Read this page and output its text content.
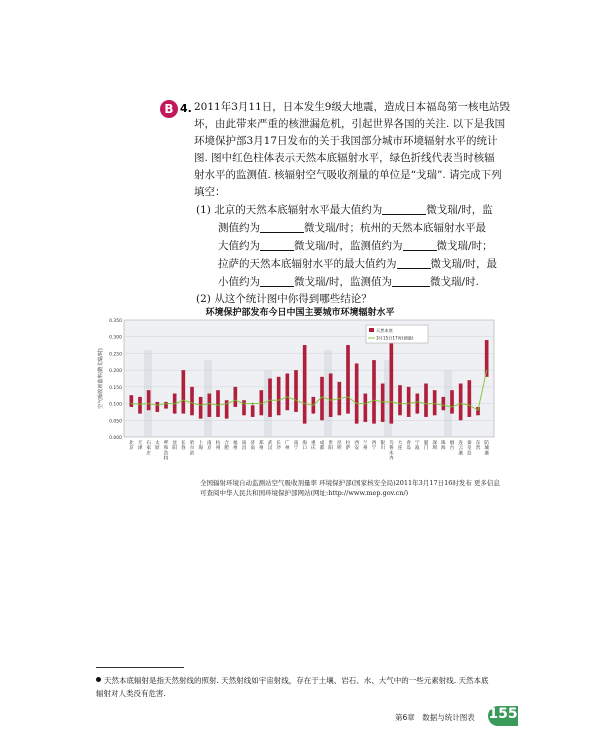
B 4. 2011年3月11日，日本发生9级大地震，造成日本福岛第一核电站毁
坏，由此带来严重的核泄漏危机，引起世界各国的关注. 以下是我国
环境保护部3月17日发布的关于我国部分城市环境辐射水平的统计
图. 图中红色柱体表示天然本底辐射水平，绿色折线代表当时核辐
射水平的监测值. 核辐射空气吸收剂量的单位是“戈瑞”. 请完成下列
填空：
(1) 北京的天然本底辐射水平最大值约为	微戈瑞/时，监
测值约为	微戈瑞/时；杭州的天然本底辐射水平最
大值约为	微戈瑞/时，监测值约为	微戈瑞/时；
拉萨的天然本底辐射水平的最大值约为	微戈瑞/时，最
小值约为	微戈瑞/时，监测值为	微戈瑞/时.
(2) 从这个统计图中你得到哪些结论？
环境保护部发布今日中国主要城市环境辐射水平
0.000
0.050
0.100
0.150
0.200
0.250
0.300
0.350
空气吸收剂量率(微戈瑞/时)
北
京
天
津
石
家
庄
太
原
呼
和
浩
特
沈
阳
长
春
哈
尔
滨
上
海
南
京
杭
州
合
肥
福
州
南
昌
济
南
郑
州
武
汉
长
沙
广
州
南
宁
海
口
重
庆
成
都
贵
阳
昆
明
拉
萨
西
安
兰
州
西
宁
银
川
乌
鲁
木
齐
大
连
青
岛
宁
波
厦
门
深
圳
珠
海
烟
台
连
云
港
秦
皇
岛
东
营
防
城
港
天然本底
3月15日17时(测量)
全国辐射环境自动监测站空气吸收剂量率 环境保护部(国家核安全局)2011年3月17日16时发布 更多信息可查阅中华人民共和国环境保护部网站(网址:http://www.mep.gov.cn/)
天然本底辐射是指天然射线的照射. 天然射线如宇宙射线，存在于土壤、岩石、水、大气中的一些元素射线. 天然本底辐射对人类没有危害.
第6章　数据与统计图表 155
